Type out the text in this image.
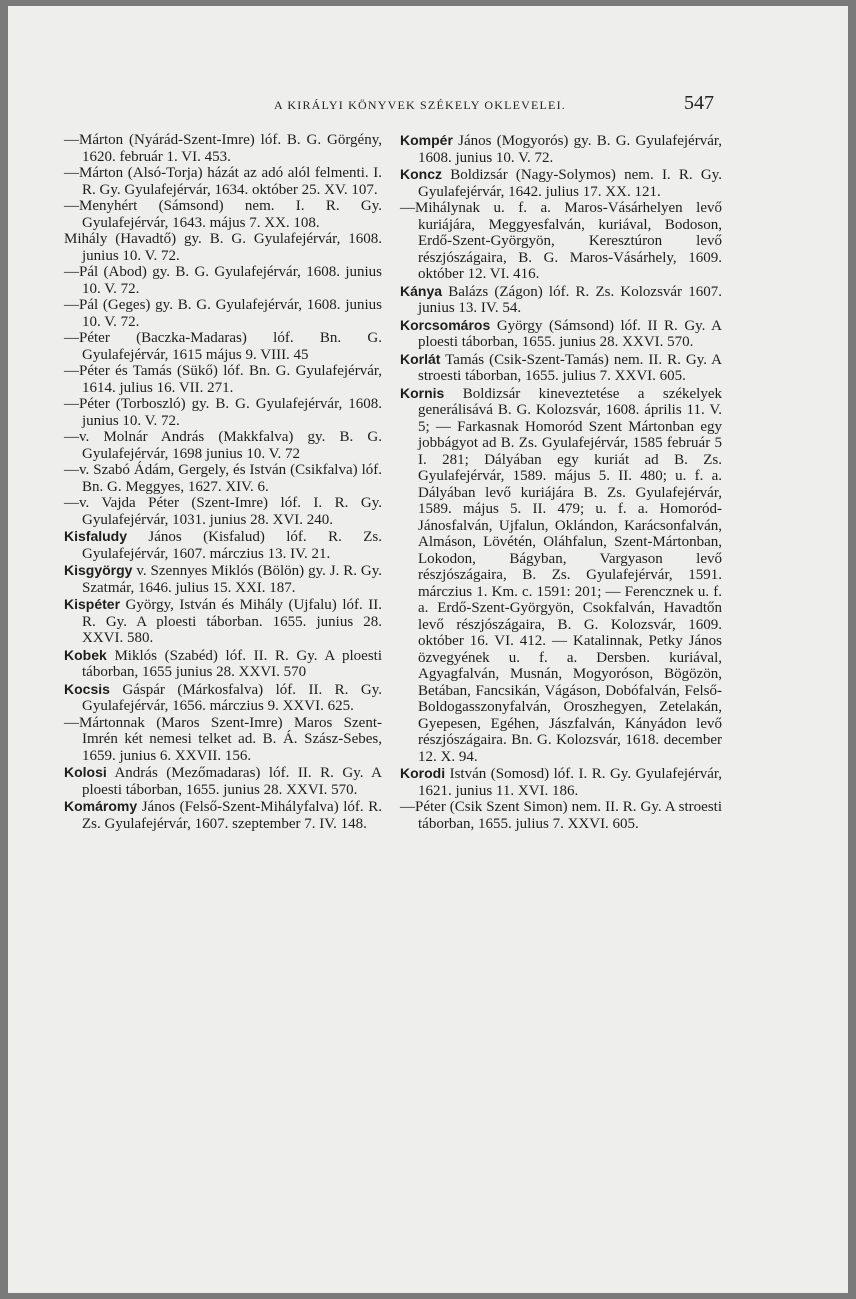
A KIRÁLYI KÖNYVEK SZÉKELY OKLEVELEI.	547
—Márton (Nyárád-Szent-Imre) lóf. B. G. Görgény, 1620. február 1. VI. 453.
—Márton (Alsó-Torja) házát az adó alól felmenti. I. R. Gy. Gyulafejérvár, 1634. október 25. XV. 107.
—Menyhért (Sámsond) nem. I. R. Gy. Gyulafejérvár, 1643. május 7. XX. 108.
Mihály (Havadtő) gy. B. G. Gyulafejérvár, 1608. junius 10. V. 72.
—Pál (Abod) gy. B. G. Gyulafejérvár, 1608. junius 10. V. 72.
—Pál (Geges) gy. B. G. Gyulafejérvár, 1608. junius 10. V. 72.
—Péter (Baczka-Madaras) lóf. Bn. G. Gyulafejérvár, 1615 május 9. VIII. 45
—Péter és Tamás (Sükő) lóf. Bn. G. Gyulafejérvár, 1614. julius 16. VII. 271.
—Péter (Torboszló) gy. B. G. Gyulafejérvár, 1608. junius 10. V. 72.
—v. Molnár András (Makkfalva) gy. B. G. Gyulafejérvár, 1698 junius 10. V. 72
—v. Szabó Ádám, Gergely, és István (Csikfalva) lóf. Bn. G. Meggyes, 1627. XIV. 6.
—v. Vajda Péter (Szent-Imre) lóf. I. R. Gy. Gyulafejérvár, 1031. junius 28. XVI. 240.
Kisfaludy János (Kisfalud) lóf. R. Zs. Gyulafejérvár, 1607. márczius 13. IV. 21.
Kisgyörgy v. Szennyes Miklós (Bölön) gy. J. R. Gy. Szatmár, 1646. julius 15. XXI. 187.
Kispéter György, István és Mihály (Ujfalu) lóf. II. R. Gy. A ploesti táborban. 1655. junius 28. XXVI. 580.
Kobek Miklós (Szabéd) lóf. II. R. Gy. A ploesti táborban, 1655 junius 28. XXVI. 570
Kocsis Gáspár (Márkosfalva) lóf. II. R. Gy. Gyulafejérvár, 1656. márczius 9. XXVI. 625.
—Mártonnak (Maros Szent-Imre) Maros Szent-Imrén két nemesi telket ad. B. Á. Szász-Sebes, 1659. junius 6. XXVII. 156.
Kolosi András (Mezőmadaras) lóf. II. R. Gy. A ploesti táborban, 1655. junius 28. XXVI. 570.
Komáromy János (Felső-Szent-Mihályfalva) lóf. R. Zs. Gyulafejérvár, 1607. szeptember 7. IV. 148.
Kompér János (Mogyorós) gy. B. G. Gyulafejérvár, 1608. junius 10. V. 72.
Koncz Boldizsár (Nagy-Solymos) nem. I. R. Gy. Gyulafejérvár, 1642. julius 17. XX. 121.
—Mihálynak u. f. a. Maros-Vásárhelyen levő kuriájára, Meggyesfalván, kuriával, Bodoson, Erdő-Szent-Györgyön, Keresztúron levő részjószágaira, B. G. Maros-Vásárhely, 1609. október 12. VI. 416.
Kánya Balázs (Zágon) lóf. R. Zs. Kolozsvár 1607. junius 13. IV. 54.
Korcsomáros György (Sámsond) lóf. II R. Gy. A ploesti táborban, 1655. junius 28. XXVI. 570.
Korlát Tamás (Csik-Szent-Tamás) nem. II. R. Gy. A stroesti táborban, 1655. julius 7. XXVI. 605.
Kornis Boldizsár kineveztetése a székelyek generálisává B. G. Kolozsvár, 1608. április 11. V. 5; — Farkasnak Homoród Szent Mártonban egy jobbágyot ad B. Zs. Gyulafejérvár, 1585 február 5 I. 281; Dályában egy kuriát ad B. Zs. Gyulafejérvár, 1589. május 5. II. 480; u. f. a. Dályában levő kuriájára B. Zs. Gyulafejérvár, 1589. május 5. II. 479; u. f. a. Homoród-Jánosfalván, Ujfalun, Oklándon, Karácsonfalván, Almáson, Lövétén, Oláhfalun, Szent-Mártonban, Lokodon, Bágyban, Vargyason levő részjószágaira, B. Zs. Gyulafejérvár, 1591. márczius 1. Km. c. 1591: 201; — Ferencznek u. f. a. Erdő-Szent-Györgyön, Csokfalván, Havadtőn levő részjószágaira, B. G. Kolozsvár, 1609. október 16. VI. 412. — Katalinnak, Petky János özvegyének u. f. a. Dersben. kuriával, Agyagfalván, Musnán, Mogyoróson, Bögözön, Betában, Fancsikán, Vágáson, Dobófalván, Felső-Boldogasszonyfalván, Oroszhegyen, Zetelakán, Gyepesen, Egéhen, Jászfalván, Kányádon levő részjószágaira. Bn. G. Kolozsvár, 1618. december 12. X. 94.
Korodi István (Somosd) lóf. I. R. Gy. Gyulafejérvár, 1621. junius 11. XVI. 186.
—Péter (Csik Szent Simon) nem. II. R. Gy. A stroesti táborban, 1655. julius 7. XXVI. 605.
